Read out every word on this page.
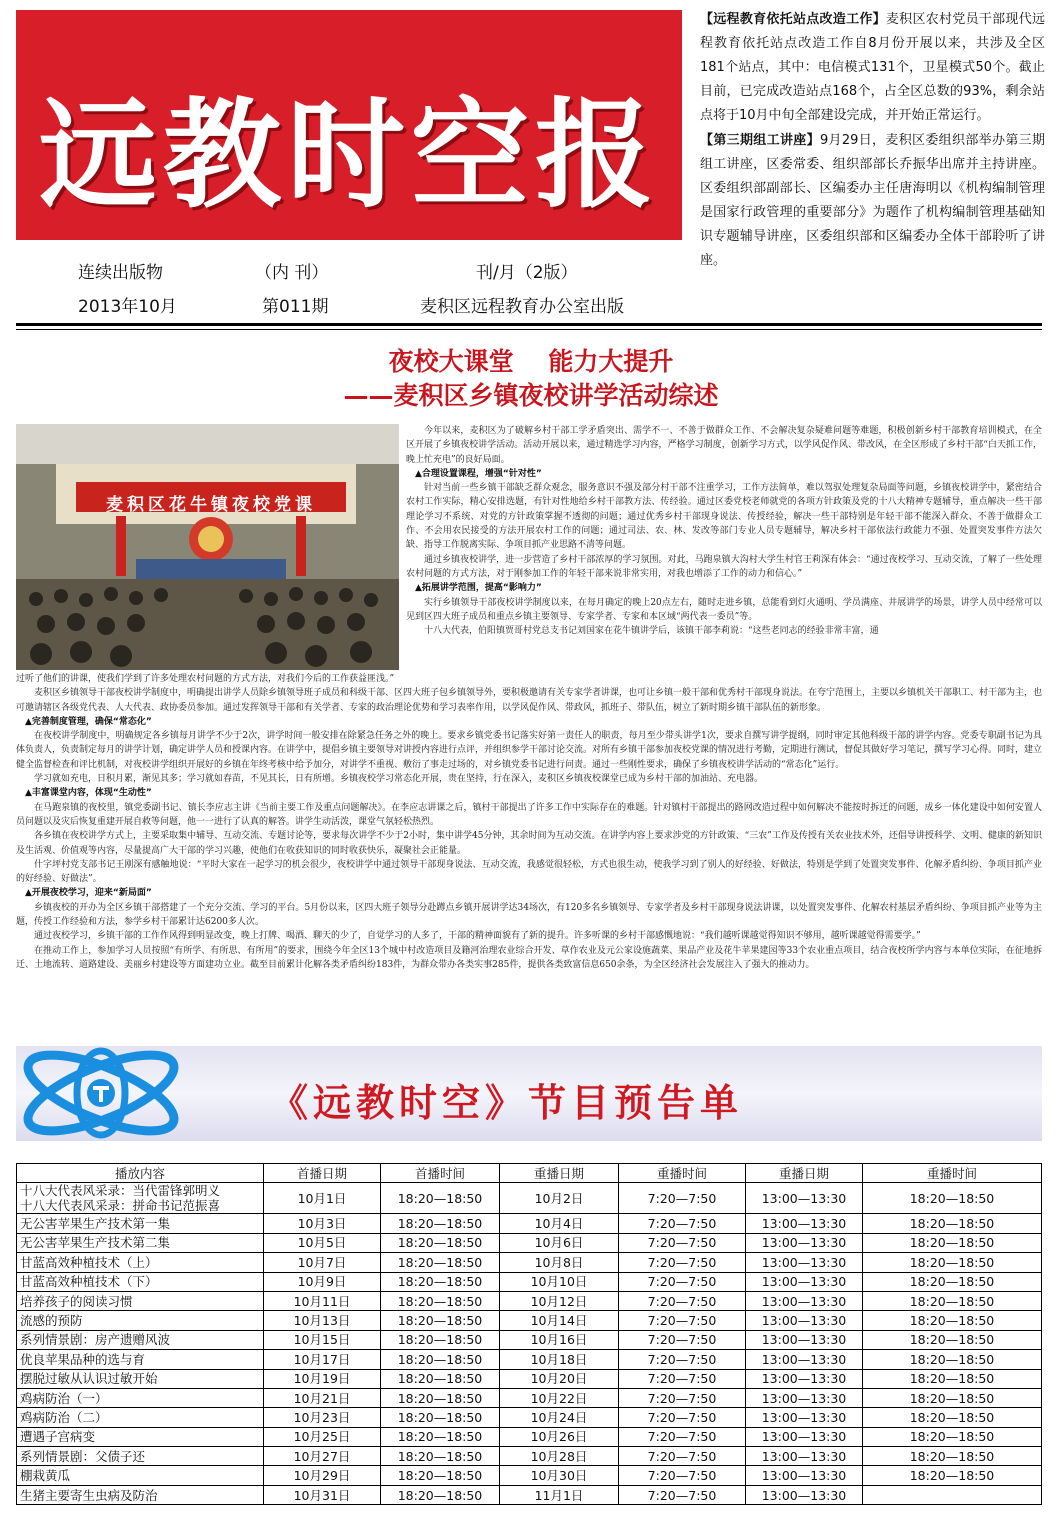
远教时空报
连续出版物	（内 刊）	刊/月（2版）
2013年10月	第011期	麦积区远程教育办公室出版

【远程教育依托站点改造工作】麦积区农村党员干部现代远程教育依托站点改造工作自8月份开展以来，共涉及全区181个站点，其中：电信模式131个，卫星模式50个。截止目前，已完成改造站点168个，占全区总数的93%，剩余站点将于10月中旬全部建设完成，并开始正常运行。

【第三期组工讲座】9月29日，麦积区委组织部举办第三期组工讲座，区委常委、组织部部长乔振华出席并主持讲座。区委组织部副部长、区编委办主任唐海明以《机构编制管理是国家行政管理的重要部分》为题作了机构编制管理基础知识专题辅导讲座，区委组织部和区编委办全体干部聆听了讲座。

夜校大课堂    能力大提升
——麦积区乡镇夜校讲学活动综述
麦积区花牛镇夜校党课

今年以来，麦积区为了破解乡村干部工学矛盾突出、需学不一、不善于做群众工作、不会解决复杂疑难问题等难题，积极创新乡村干部教育培训模式，在全区开展了乡镇夜校讲学活动。活动开展以来，通过精选学习内容，严格学习制度，创新学习方式，以学风促作风、带改风，在全区形成了乡村干部“白天抓工作，晚上忙充电”的良好局面。

▲合理设置课程，增强“针对性”

针对当前一些乡镇干部缺乏群众观念，服务意识不强及部分村干部不注重学习，工作方法简单，难以驾驭处理复杂局面等问题，乡镇夜校讲学中，紧密结合农村工作实际，精心安排选题，有针对性地给乡村干部教方法、传经验。通过区委党校老师就党的各项方针政策及党的十八大精神专题辅导，重点解决一些干部理论学习不系统、对党的方针政策掌握不透彻的问题；通过优秀乡村干部现身说法、传授经验，解决一些干部特别是年轻干部不能深入群众、不善于做群众工作、不会用农民接受的方法开展农村工作的问题；通过司法、农、林、发改等部门专业人员专题辅导，解决乡村干部依法行政能力不强、处置突发事件方法欠缺、指导工作脱离实际、争项目抓产业思路不清等问题。

通过乡镇夜校讲学，进一步营造了乡村干部浓厚的学习氛围。对此，马跑泉镇大沟村大学生村官王莉深有体会：“通过夜校学习、互动交流，了解了一些处理农村问题的方式方法，对于刚参加工作的年轻干部来说非常实用，对我也增添了工作的动力和信心。”

▲拓展讲学范围，提高“影响力”

实行乡镇领导干部夜校讲学制度以来，在每月确定的晚上20点左右，随时走进乡镇，总能看到灯火通明、学员满座、井展讲学的场景，讲学人员中经常可以见到区四大班子成员和重点乡镇主要领导、专家学者、专家和本区域“两代表一委员”等。

十八大代表，伯阳镇贾哥村党总支书记刘国家在花牛镇讲学后，该镇干部李莉说：“这些老同志的经验非常丰富，通

过听了他们的讲课，使我们学到了许多处理农村问题的方式方法，对我们今后的工作获益匪浅。”

麦积区乡镇领导干部夜校讲学制度中，明确提出讲学人员除乡镇领导班子成员和科级干部、区四大班子包乡镇领导外，要积极邀请有关专家学者讲课，也可让乡镇一般干部和优秀村干部现身说法。在夸宁范围上，主要以乡镇机关干部职工、村干部为主，也可邀请辖区各级党代表、人大代表、政协委员参加。通过发挥领导干部和有关学者、专家的政治理论优势和学习表率作用，以学风促作风、带政风，抓班子、带队伍，树立了新时期乡镇干部队伍的新形象。

▲完善制度管理，确保“常态化”

在夜校讲学制度中，明确规定各乡镇每月讲学不少于2次，讲学时间一般安排在除紧急任务之外的晚上。要求乡镇党委书记落实好第一责任人的职责，每月至少带头讲学1次，要求自撰写讲学提纲，同时审定其他科级干部的讲学内容。党委专职副书记为具体负责人，负责制定每月的讲学计划，确定讲学人员和授课内容。在讲学中，提倡乡镇主要领导对讲授内容进行点评，并组织参学干部讨论交流。对所有乡镇干部参加夜校党课的情况进行考勤，定期进行测试，督促其做好学习笔记，撰写学习心得。同时，建立健全监督检查和评比机制，对夜校讲学组织开展好的乡镇在年终考核中给予加分，对讲学不重视、敷衍了事走过场的，对乡镇党委书记进行问责。通过一些刚性要求，确保了乡镇夜校讲学活动的“常态化”运行。

学习就如充电，日积月累，渐见其多；学习就如春苗，不见其长，日有所增。乡镇夜校学习常态化开展，贵在坚持，行在深入，麦积区乡镇夜校课堂已成为乡村干部的加油站、充电器。

▲丰富课堂内容，体现“生动性”

在马跑泉镇的夜校里，镇党委副书记、镇长李应志主讲《当前主要工作及重点问题解决》。在李应志讲课之后，镇村干部提出了许多工作中实际存在的难题。针对镇村干部提出的路网改造过程中如何解决不能按时拆迁的问题，成乡一体化建设中如何安置人员问题以及灾后恢复重建开展自救等问题，他一一进行了认真的解答。讲学生动活泼，课堂气氛轻松热烈。

各乡镇在夜校讲学方式上，主要采取集中辅导、互动交流、专题讨论等，要求每次讲学不少于2小时，集中讲学45分钟，其余时间为互动交流。在讲学内容上要求涉党的方针政策、“三农”工作及传授有关农业技术外，还倡导讲授科学、文明、健康的新知识及生活观、价值观等内容，尽量提高广大干部的学习兴趣，使他们在收获知识的同时收获快乐，凝聚社会正能量。

什字坪村党支部书记王刚深有感触地说：“平时大家在一起学习的机会很少，夜校讲学中通过领导干部现身说法、互动交流，我感觉很轻松，方式也很生动，使我学习到了别人的好经验、好做法，特别是学到了处置突发事件、化解矛盾纠纷、争项目抓产业的好经验、好做法”。

▲开展夜校学习，迎来“新局面”

乡镇夜校的开办为全区乡镇干部搭建了一个充分交流、学习的平台。5月份以来，区四大班子领导分赴蹲点乡镇开展讲学达34场次，有120多名乡镇领导、专家学者及乡村干部现身说法讲课，以处置突发事件、化解农村基层矛盾纠纷、争项目抓产业等为主题，传授工作经验和方法，参学乡村干部累计达6200多人次。

通过夜校学习，乡镇干部的工作作风得到明显改变，晚上打牌、喝酒、聊天的少了，自觉学习的人多了，干部的精神面貌有了新的提升。许多听课的乡村干部感慨地说：“我们越听课越觉得知识不够用，越听课越觉得需要学。”

在推动工作上，参加学习人员按照“有所学、有所思、有所用”的要求，围绕今年全区13个城中村改造项目及籍河治理农业综合开发、草作农业及元公家设施蔬菜、果品产业及花牛苹果建园等33个农业重点项目，结合夜校所学内容与本单位实际，在征地拆迁、土地流转、道路建设、美丽乡村建设等方面建功立业。截至目前累计化解各类矛盾纠纷183件，为群众带办各类实事285件，提供各类致富信息650余条，为全区经济社会发展注入了强大的推动力。

《远教时空》节目预告单
播放内容	首播日期	首播时间	重播日期	重播时间	重播日期	重播时间

十八大代表风采录：当代雷锋郭明义
十八大代表风采录：拼命书记范振喜	10月1日	18:20—18:50	10月2日	7:20—7:50	13:00—13:30	18:20—18:50

无公害苹果生产技术第一集	10月3日	18:20—18:50	10月4日	7:20—7:50	13:00—13:30	18:20—18:50

无公害苹果生产技术第二集	10月5日	18:20—18:50	10月6日	7:20—7:50	13:00—13:30	18:20—18:50

甘蓝高效种植技术（上）	10月7日	18:20—18:50	10月8日	7:20—7:50	13:00—13:30	18:20—18:50

甘蓝高效种植技术（下）	10月9日	18:20—18:50	10月10日	7:20—7:50	13:00—13:30	18:20—18:50

培养孩子的阅读习惯	10月11日	18:20—18:50	10月12日	7:20—7:50	13:00—13:30	18:20—18:50

流感的预防	10月13日	18:20—18:50	10月14日	7:20—7:50	13:00—13:30	18:20—18:50

系列情景剧：房产遗赠风波	10月15日	18:20—18:50	10月16日	7:20—7:50	13:00—13:30	18:20—18:50

优良苹果品种的选与育	10月17日	18:20—18:50	10月18日	7:20—7:50	13:00—13:30	18:20—18:50

摆脱过敏从认识过敏开始	10月19日	18:20—18:50	10月20日	7:20—7:50	13:00—13:30	18:20—18:50

鸡病防治（一）	10月21日	18:20—18:50	10月22日	7:20—7:50	13:00—13:30	18:20—18:50

鸡病防治（二）	10月23日	18:20—18:50	10月24日	7:20—7:50	13:00—13:30	18:20—18:50

遭遇子宫病变	10月25日	18:20—18:50	10月26日	7:20—7:50	13:00—13:30	18:20—18:50

系列情景剧：父债子还	10月27日	18:20—18:50	10月28日	7:20—7:50	13:00—13:30	18:20—18:50

棚栽黄瓜	10月29日	18:20—18:50	10月30日	7:20—7:50	13:00—13:30	18:20—18:50

生猪主要寄生虫病及防治	10月31日	18:20—18:50	11月1日	7:20—7:50	13:00—13:30	
